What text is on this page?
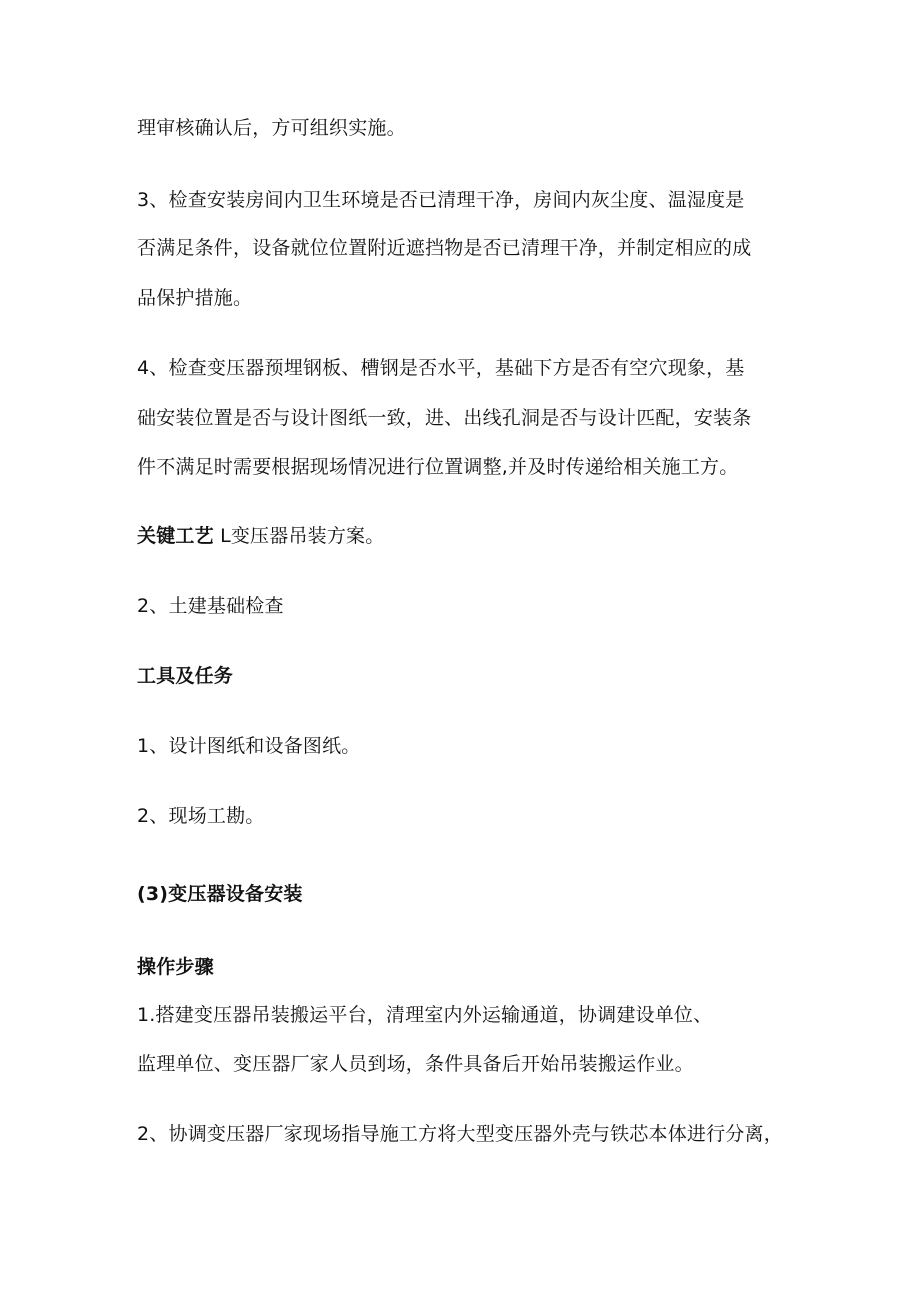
理审核确认后，方可组织实施。
3、检查安装房间内卫生环境是否已清理干净，房间内灰尘度、温湿度是
否满足条件，设备就位位置附近遮挡物是否已清理干净，并制定相应的成
品保护措施。
4、检查变压器预埋钢板、槽钢是否水平，基础下方是否有空穴现象，基
础安装位置是否与设计图纸一致，进、出线孔洞是否与设计匹配，安装条
件不满足时需要根据现场情况进行位置调整,并及时传递给相关施工方。
关键工艺 L变压器吊装方案。
2、土建基础检查
工具及任务
1、设计图纸和设备图纸。
2、现场工勘。
(3)变压器设备安装
操作步骤
1.搭建变压器吊装搬运平台，清理室内外运输通道，协调建设单位、
监理单位、变压器厂家人员到场，条件具备后开始吊装搬运作业。
2、协调变压器厂家现场指导施工方将大型变压器外壳与铁芯本体进行分离，
